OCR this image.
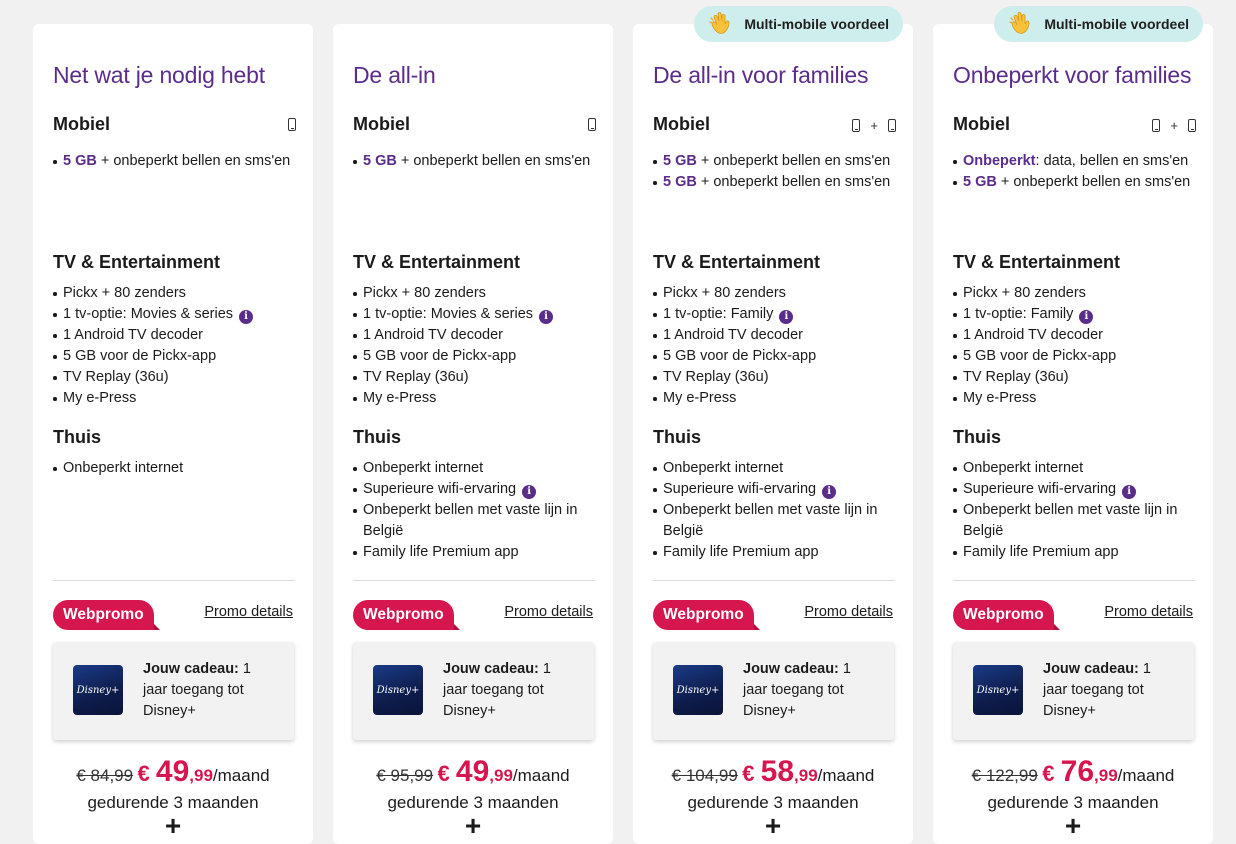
Net wat je nodig hebt
Mobiel
5 GB + onbeperkt bellen en sms'en
TV & Entertainment
Pickx + 80 zenders
1 tv-optie: Movies & series i
1 Android TV decoder
5 GB voor de Pickx-app
TV Replay (36u)
My e-Press
Thuis
Onbeperkt internet
Webpromo	Promo details
Disney+
Jouw cadeau: 1 jaar toegang tot Disney+
€ 84,99 € 49,99/maand
gedurende 3 maanden
+
De all-in
Mobiel
5 GB + onbeperkt bellen en sms'en
TV & Entertainment
Pickx + 80 zenders
1 tv-optie: Movies & series i
1 Android TV decoder
5 GB voor de Pickx-app
TV Replay (36u)
My e-Press
Thuis
Onbeperkt internet
Superieure wifi-ervaring i
Onbeperkt bellen met vaste lijn in België
Family life Premium app
Webpromo	Promo details
Disney+
Jouw cadeau: 1 jaar toegang tot Disney+
€ 95,99 € 49,99/maand
gedurende 3 maanden
+
Multi-mobile voordeel
De all-in voor families
Mobiel	+
5 GB + onbeperkt bellen en sms'en
5 GB + onbeperkt bellen en sms'en
TV & Entertainment
Pickx + 80 zenders
1 tv-optie: Family i
1 Android TV decoder
5 GB voor de Pickx-app
TV Replay (36u)
My e-Press
Thuis
Onbeperkt internet
Superieure wifi-ervaring i
Onbeperkt bellen met vaste lijn in België
Family life Premium app
Webpromo	Promo details
Disney+
Jouw cadeau: 1 jaar toegang tot Disney+
€ 104,99 € 58,99/maand
gedurende 3 maanden
+
Multi-mobile voordeel
Onbeperkt voor families
Mobiel	+
Onbeperkt: data, bellen en sms'en
5 GB + onbeperkt bellen en sms'en
TV & Entertainment
Pickx + 80 zenders
1 tv-optie: Family i
1 Android TV decoder
5 GB voor de Pickx-app
TV Replay (36u)
My e-Press
Thuis
Onbeperkt internet
Superieure wifi-ervaring i
Onbeperkt bellen met vaste lijn in België
Family life Premium app
Webpromo	Promo details
Disney+
Jouw cadeau: 1 jaar toegang tot Disney+
€ 122,99 € 76,99/maand
gedurende 3 maanden
+
